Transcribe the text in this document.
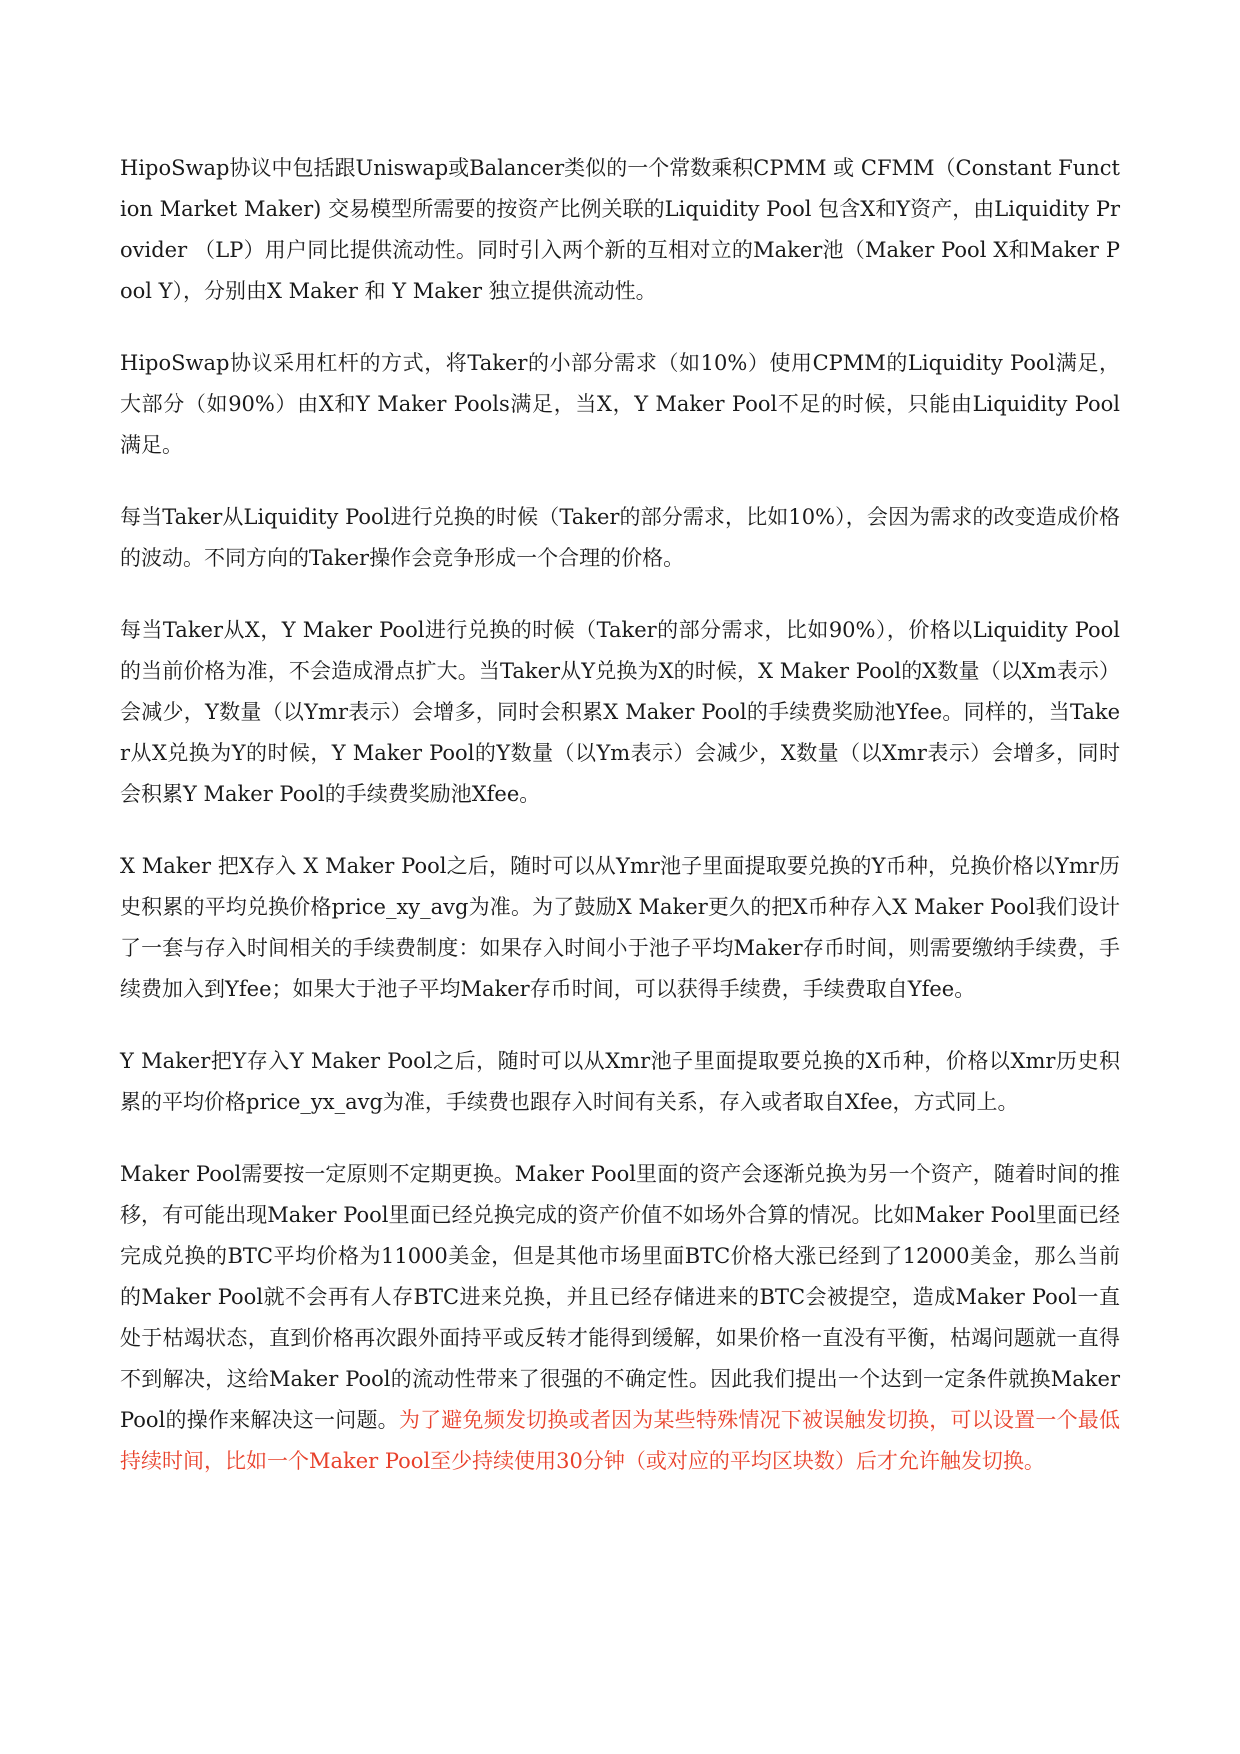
HipoSwap协议中包括跟Uniswap或Balancer类似的一个常数乘积CPMM 或 CFMM（Constant Function Market Maker) 交易模型所需要的按资产比例关联的Liquidity Pool 包含X和Y资产，由Liquidity Provider （LP）用户同比提供流动性。同时引入两个新的互相对立的Maker池（Maker Pool X和Maker Pool Y），分别由X Maker 和 Y Maker 独立提供流动性。

HipoSwap协议采用杠杆的方式，将Taker的小部分需求（如10%）使用CPMM的Liquidity Pool满足，大部分（如90%）由X和Y Maker Pools满足，当X，Y Maker Pool不足的时候，只能由Liquidity Pool满足。

每当Taker从Liquidity Pool进行兑换的时候（Taker的部分需求，比如10%），会因为需求的改变造成价格的波动。不同方向的Taker操作会竞争形成一个合理的价格。

每当Taker从X，Y Maker Pool进行兑换的时候（Taker的部分需求，比如90%），价格以Liquidity Pool的当前价格为准，不会造成滑点扩大。当Taker从Y兑换为X的时候，X Maker Pool的X数量（以Xm表示）会减少，Y数量（以Ymr表示）会增多，同时会积累X Maker Pool的手续费奖励池Yfee。同样的，当Taker从X兑换为Y的时候，Y Maker Pool的Y数量（以Ym表示）会减少，X数量（以Xmr表示）会增多，同时会积累Y Maker Pool的手续费奖励池Xfee。

X Maker 把X存入 X Maker Pool之后，随时可以从Ymr池子里面提取要兑换的Y币种，兑换价格以Ymr历史积累的平均兑换价格price_xy_avg为准。为了鼓励X Maker更久的把X币种存入X Maker Pool我们设计了一套与存入时间相关的手续费制度：如果存入时间小于池子平均Maker存币时间，则需要缴纳手续费，手续费加入到Yfee；如果大于池子平均Maker存币时间，可以获得手续费，手续费取自Yfee。

Y Maker把Y存入Y Maker Pool之后，随时可以从Xmr池子里面提取要兑换的X币种，价格以Xmr历史积累的平均价格price_yx_avg为准，手续费也跟存入时间有关系，存入或者取自Xfee，方式同上。

Maker Pool需要按一定原则不定期更换。Maker Pool里面的资产会逐渐兑换为另一个资产，随着时间的推移，有可能出现Maker Pool里面已经兑换完成的资产价值不如场外合算的情况。比如Maker Pool里面已经完成兑换的BTC平均价格为11000美金，但是其他市场里面BTC价格大涨已经到了12000美金，那么当前的Maker Pool就不会再有人存BTC进来兑换，并且已经存储进来的BTC会被提空，造成Maker Pool一直处于枯竭状态，直到价格再次跟外面持平或反转才能得到缓解，如果价格一直没有平衡，枯竭问题就一直得不到解决，这给Maker Pool的流动性带来了很强的不确定性。因此我们提出一个达到一定条件就换Maker Pool的操作来解决这一问题。为了避免频发切换或者因为某些特殊情况下被误触发切换，可以设置一个最低持续时间，比如一个Maker Pool至少持续使用30分钟（或对应的平均区块数）后才允许触发切换。
